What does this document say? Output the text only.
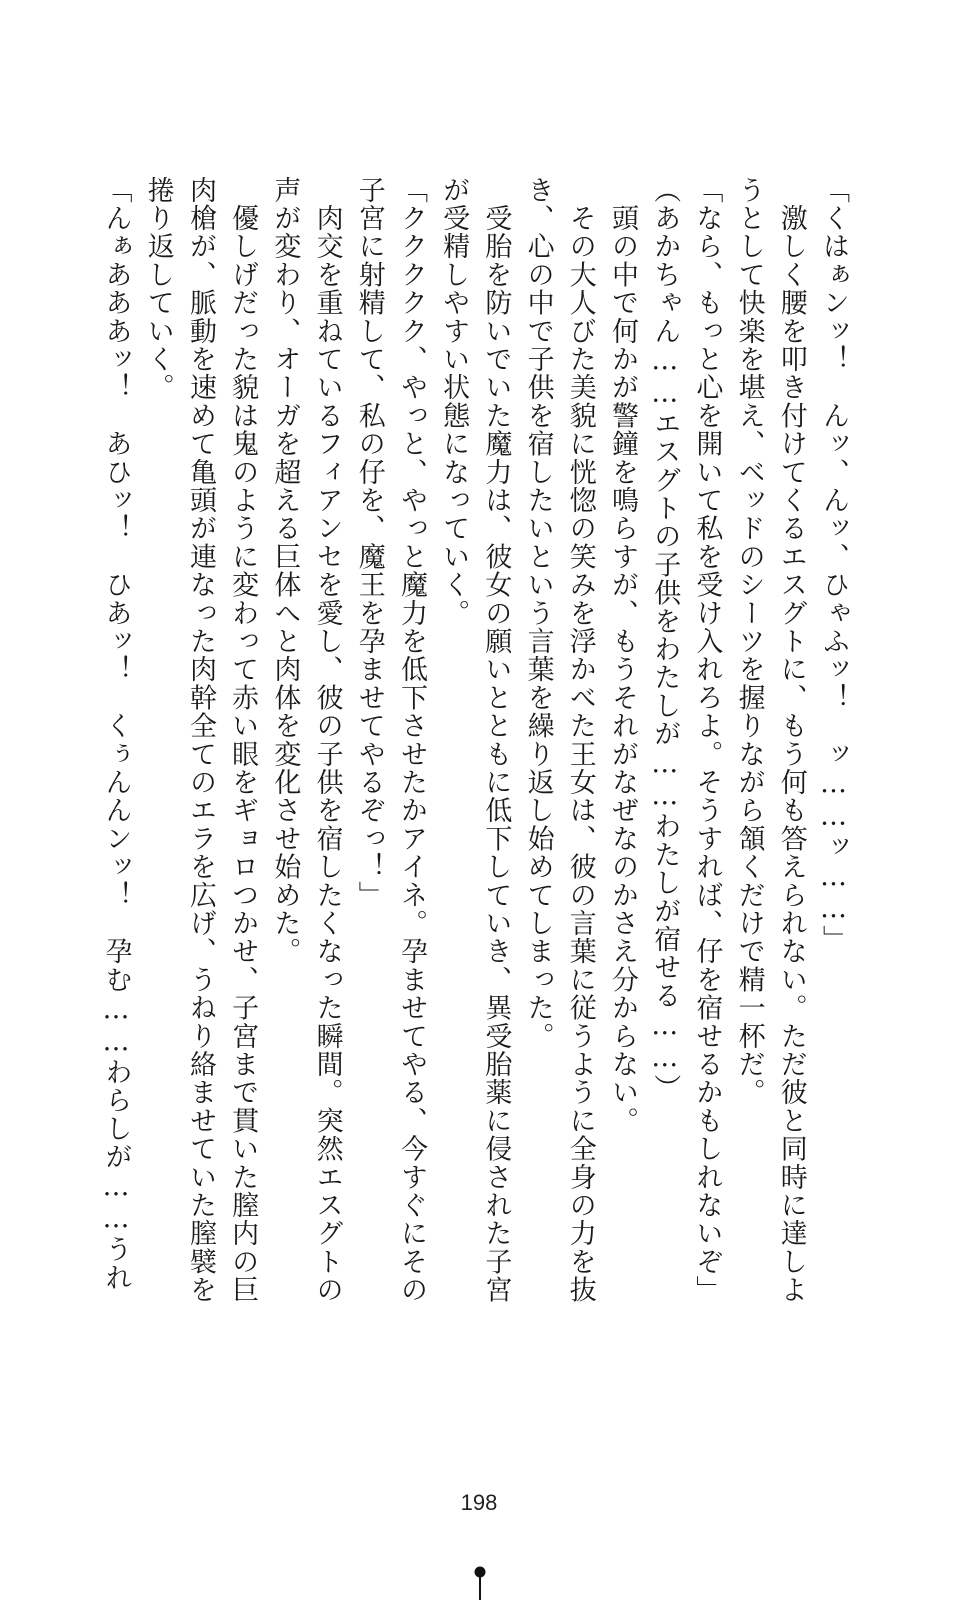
「くはぁンッ！　んッ、んッ、ひゃふッ！　ッ……ッ……」

　激しく腰を叩き付けてくるエスグトに、もう何も答えられない。ただ彼と同時に達しようとして快楽を堪え、ベッドのシーツを握りながら頷くだけで精一杯だ。

「なら、もっと心を開いて私を受け入れろよ。そうすれば、仔を宿せるかもしれないぞ」

（あかちゃん……エスグトの子供をわたしが……わたしが宿せる……）

　頭の中で何かが警鐘を鳴らすが、もうそれがなぜなのかさえ分からない。

　その大人びた美貌に恍惚の笑みを浮かべた王女は、彼の言葉に従うように全身の力を抜き、心の中で子供を宿したいという言葉を繰り返し始めてしまった。

　受胎を防いでいた魔力は、彼女の願いとともに低下していき、異受胎薬に侵された子宮が受精しやすい状態になっていく。

「ククククク、やっと、やっと魔力を低下させたかアイネ。孕ませてやる、今すぐにその子宮に射精して、私の仔を、魔王を孕ませてやるぞっ！」

　肉交を重ねているフィアンセを愛し、彼の子供を宿したくなった瞬間。突然エスグトの声が変わり、オーガを超える巨体へと肉体を変化させ始めた。

　優しげだった貌は鬼のように変わって赤い眼をギョロつかせ、子宮まで貫いた膣内の巨肉槍が、脈動を速めて亀頭が連なった肉幹全てのエラを広げ、うねり絡ませていた膣襞を捲り返していく。

「んぁあああッ！　あひッ！　ひあッ！　くぅんんンッ！　孕む……わらしが……うれ

198
